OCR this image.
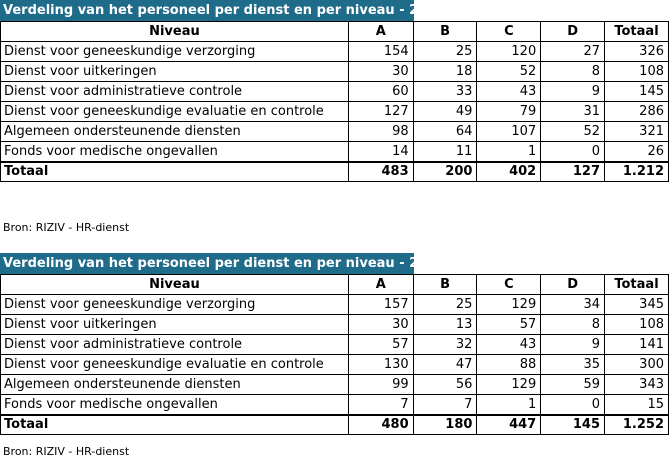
Verdeling van het personeel per dienst en per niveau - 2014
Niveau	A	B	C	D	Totaal
Dienst voor geneeskundige verzorging	154	25	120	27	326
Dienst voor uitkeringen	30	18	52	8	108
Dienst voor administratieve controle	60	33	43	9	145
Dienst voor geneeskundige evaluatie en controle	127	49	79	31	286
Algemeen ondersteunende diensten	98	64	107	52	321
Fonds voor medische ongevallen	14	11	1	0	26
Totaal	483	200	402	127	1.212
Bron: RIZIV - HR-dienst
Verdeling van het personeel per dienst en per niveau - 2013
Niveau	A	B	C	D	Totaal
Dienst voor geneeskundige verzorging	157	25	129	34	345
Dienst voor uitkeringen	30	13	57	8	108
Dienst voor administratieve controle	57	32	43	9	141
Dienst voor geneeskundige evaluatie en controle	130	47	88	35	300
Algemeen ondersteunende diensten	99	56	129	59	343
Fonds voor medische ongevallen	7	7	1	0	15
Totaal	480	180	447	145	1.252
Bron: RIZIV - HR-dienst
